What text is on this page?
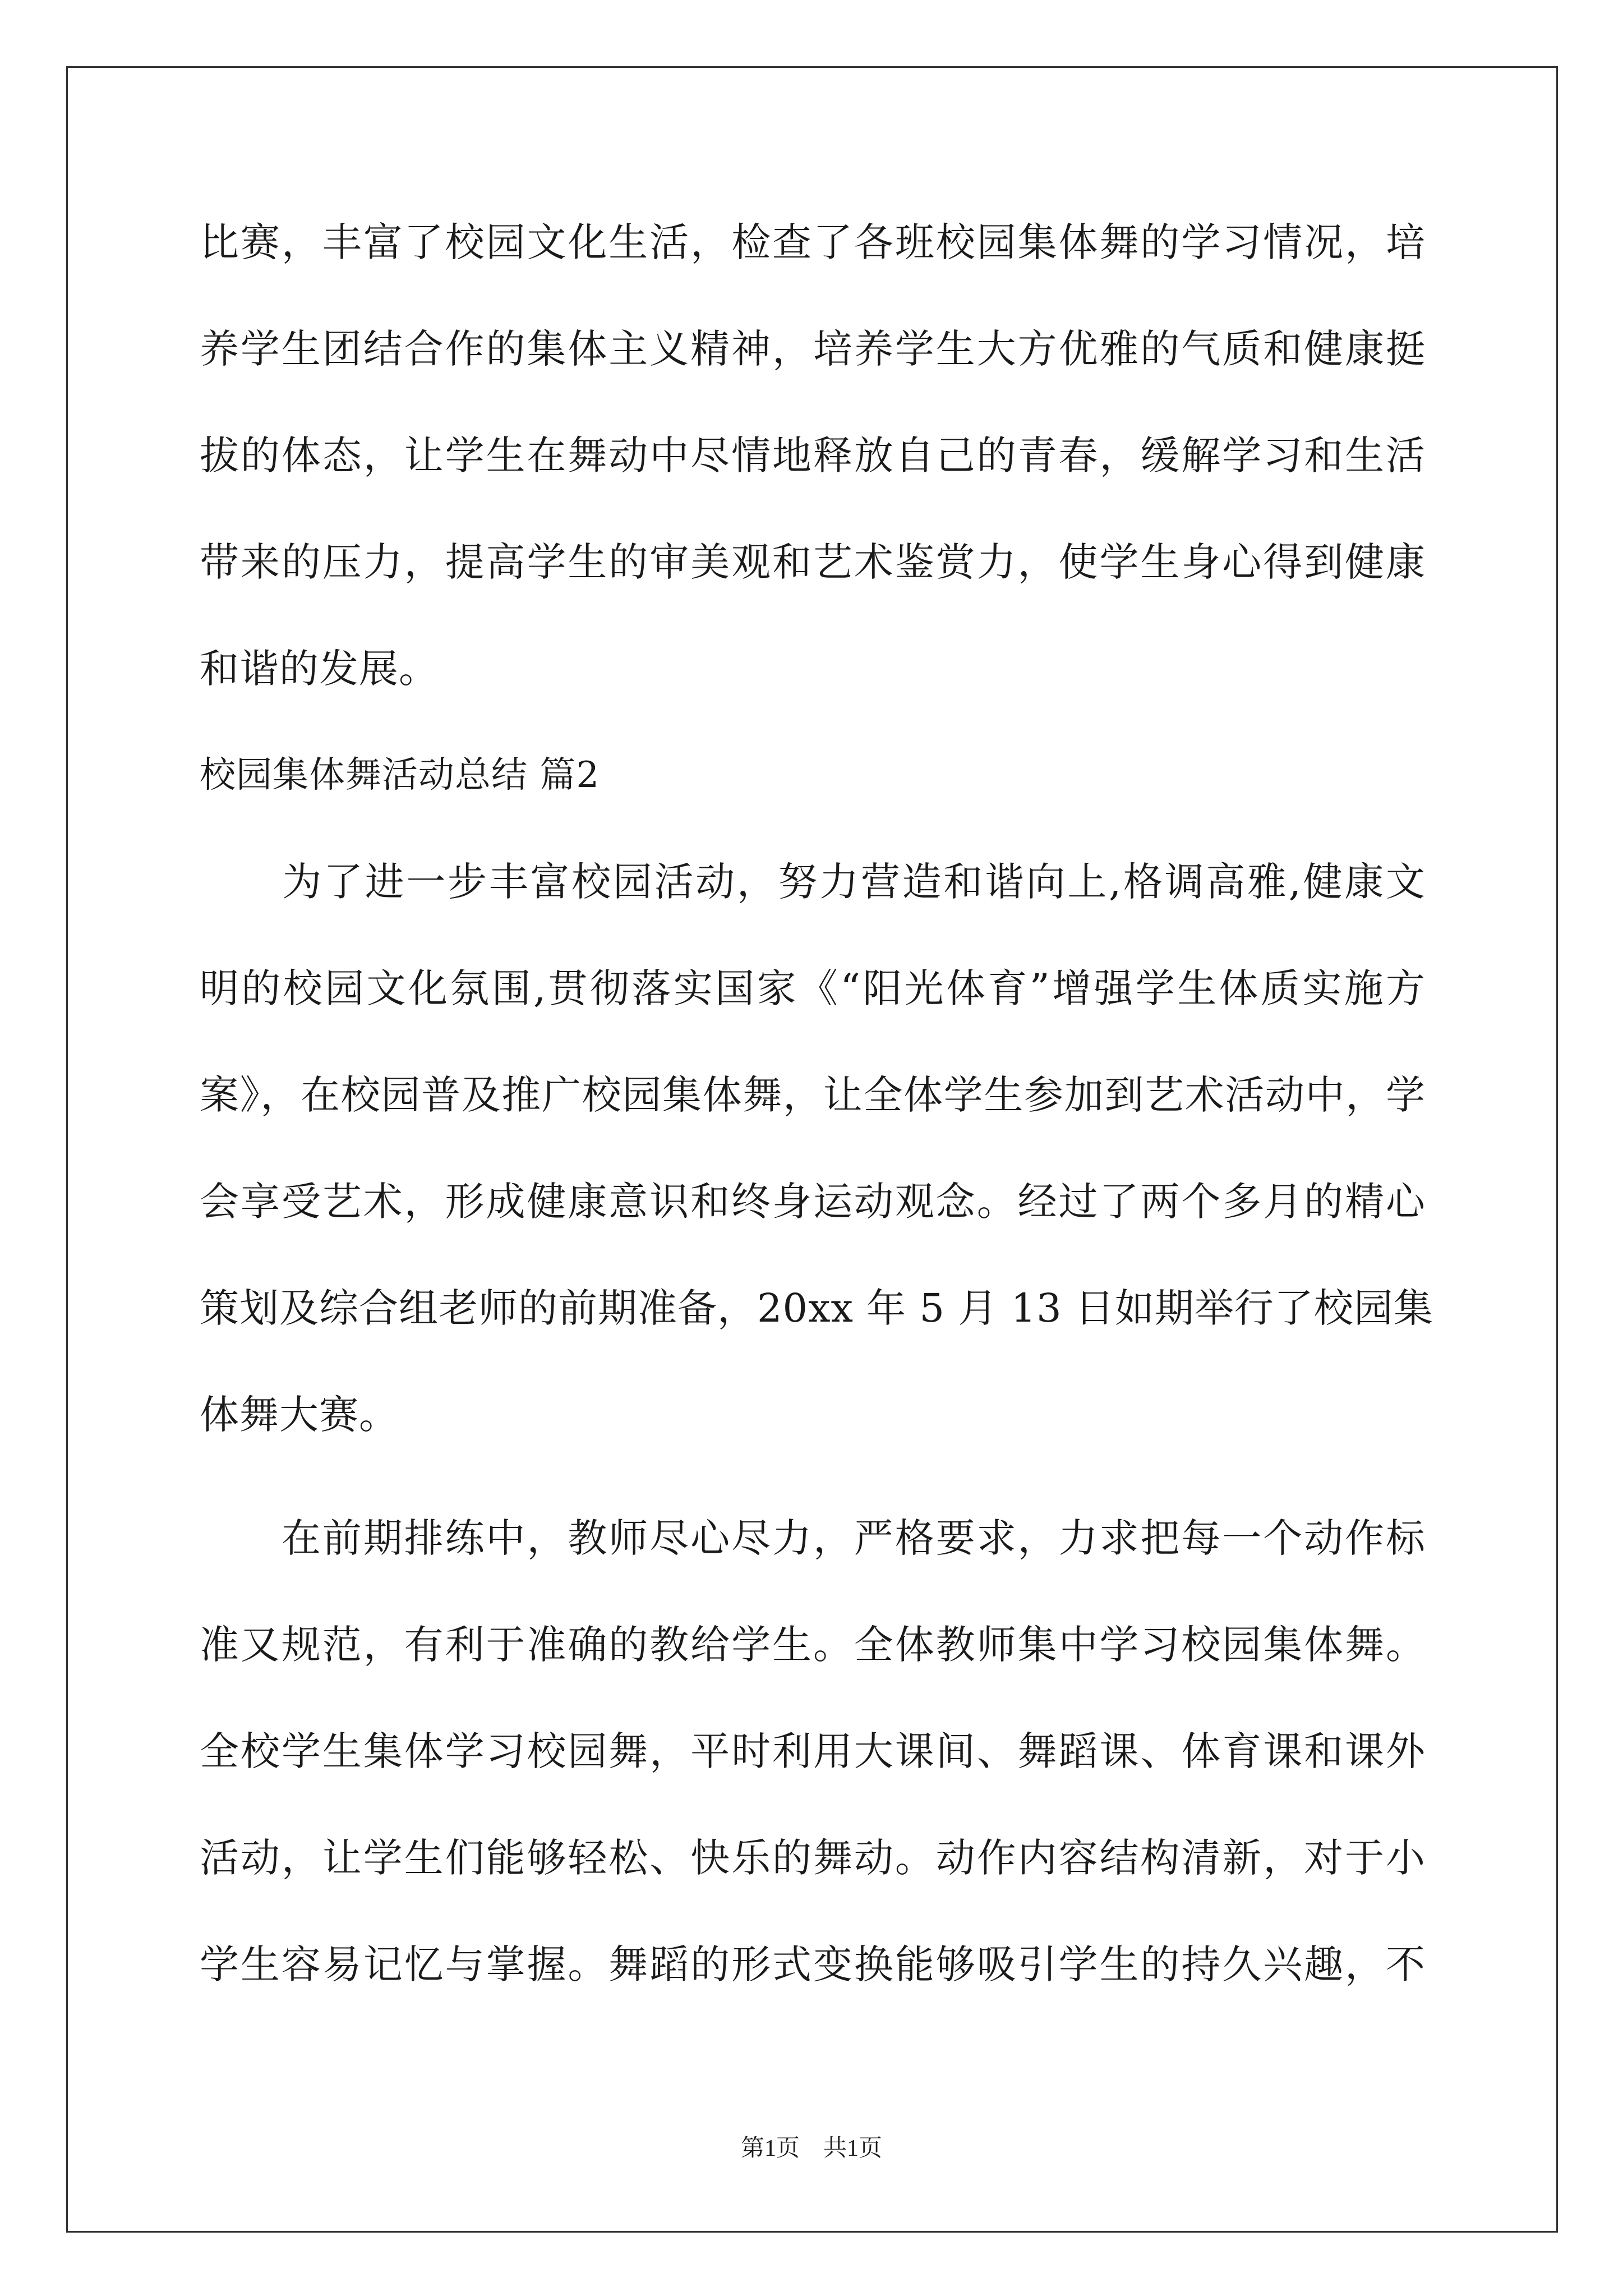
比赛，丰富了校园文化生活，检查了各班校园集体舞的学习情况，培
养学生团结合作的集体主义精神，培养学生大方优雅的气质和健康挺
拔的体态，让学生在舞动中尽情地释放自己的青春，缓解学习和生活
带来的压力，提高学生的审美观和艺术鉴赏力，使学生身心得到健康
和谐的发展。
校园集体舞活动总结 篇2
　　为了进一步丰富校园活动，努力营造和谐向上,格调高雅,健康文
明的校园文化氛围,贯彻落实国家《“阳光体育”增强学生体质实施方
案》，在校园普及推广校园集体舞，让全体学生参加到艺术活动中，学
会享受艺术，形成健康意识和终身运动观念。经过了两个多月的精心
策划及综合组老师的前期准备，20xx 年 5 月 13 日如期举行了校园集
体舞大赛。
　　在前期排练中，教师尽心尽力，严格要求，力求把每一个动作标
准又规范，有利于准确的教给学生。全体教师集中学习校园集体舞。
全校学生集体学习校园舞，平时利用大课间、舞蹈课、体育课和课外
活动，让学生们能够轻松、快乐的舞动。动作内容结构清新，对于小
学生容易记忆与掌握。舞蹈的形式变换能够吸引学生的持久兴趣，不
第1页　共1页
